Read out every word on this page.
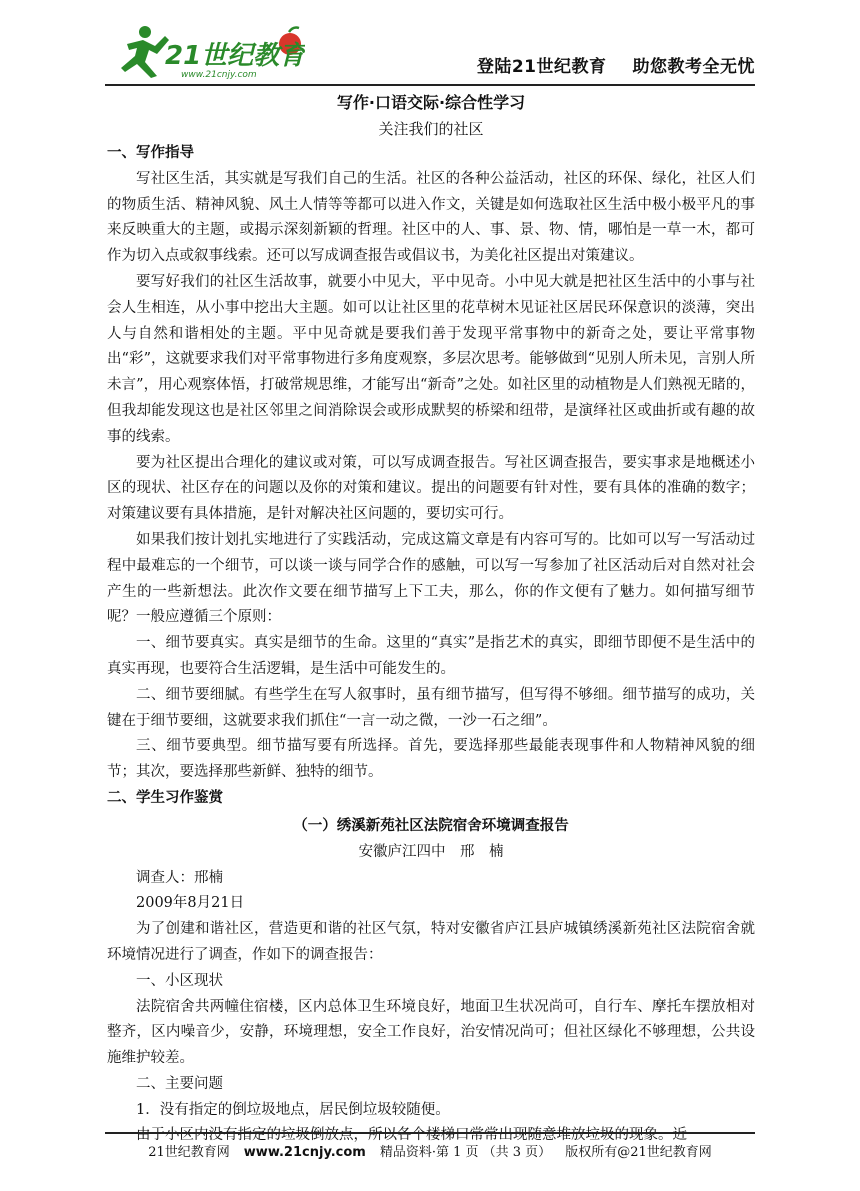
21世纪教育
www.21cnjy.com	登陆21世纪教育 助您教考全无忧

写作·口语交际·综合性学习

关注我们的社区

一、写作指导

写社区生活，其实就是写我们自己的生活。社区的各种公益活动，社区的环保、绿化，社区人们的物质生活、精神风貌、风土人情等等都可以进入作文，关键是如何选取社区生活中极小极平凡的事来反映重大的主题，或揭示深刻新颖的哲理。社区中的人、事、景、物、情，哪怕是一草一木，都可作为切入点或叙事线索。还可以写成调查报告或倡议书，为美化社区提出对策建议。

要写好我们的社区生活故事，就要小中见大，平中见奇。小中见大就是把社区生活中的小事与社会人生相连，从小事中挖出大主题。如可以让社区里的花草树木见证社区居民环保意识的淡薄，突出人与自然和谐相处的主题。平中见奇就是要我们善于发现平常事物中的新奇之处，要让平常事物出“彩”，这就要求我们对平常事物进行多角度观察，多层次思考。能够做到“见别人所未见，言别人所未言”，用心观察体悟，打破常规思维，才能写出“新奇”之处。如社区里的动植物是人们熟视无睹的，但我却能发现这也是社区邻里之间消除误会或形成默契的桥梁和纽带，是演绎社区或曲折或有趣的故事的线索。

要为社区提出合理化的建议或对策，可以写成调查报告。写社区调查报告，要实事求是地概述小区的现状、社区存在的问题以及你的对策和建议。提出的问题要有针对性，要有具体的准确的数字；对策建议要有具体措施，是针对解决社区问题的，要切实可行。

如果我们按计划扎实地进行了实践活动，完成这篇文章是有内容可写的。比如可以写一写活动过程中最难忘的一个细节，可以谈一谈与同学合作的感触，可以写一写参加了社区活动后对自然对社会产生的一些新想法。此次作文要在细节描写上下工夫，那么，你的作文便有了魅力。如何描写细节呢？一般应遵循三个原则：

一、细节要真实。真实是细节的生命。这里的“真实”是指艺术的真实，即细节即便不是生活中的真实再现，也要符合生活逻辑，是生活中可能发生的。

二、细节要细腻。有些学生在写人叙事时，虽有细节描写，但写得不够细。细节描写的成功，关键在于细节要细，这就要求我们抓住“一言一动之微，一沙一石之细”。

三、细节要典型。细节描写要有所选择。首先，要选择那些最能表现事件和人物精神风貌的细节；其次，要选择那些新鲜、独特的细节。

二、学生习作鉴赏

（一）绣溪新苑社区法院宿舍环境调查报告

安徽庐江四中　邢　楠

调查人：邢楠

2009年8月21日

为了创建和谐社区，营造更和谐的社区气氛，特对安徽省庐江县庐城镇绣溪新苑社区法院宿舍就环境情况进行了调查，作如下的调查报告：

一、小区现状

法院宿舍共两幢住宿楼，区内总体卫生环境良好，地面卫生状况尚可，自行车、摩托车摆放相对整齐，区内噪音少，安静，环境理想，安全工作良好，治安情况尚可；但社区绿化不够理想，公共设施维护较差。

二、主要问题

1．没有指定的倒垃圾地点，居民倒垃圾较随便。

由于小区内没有指定的垃圾倒放点，所以各个楼梯口常常出现随意堆放垃圾的现象。近

21世纪教育网 www.21cnjy.com 精品资料·第 1 页 （共 3 页） 版权所有@21世纪教育网
